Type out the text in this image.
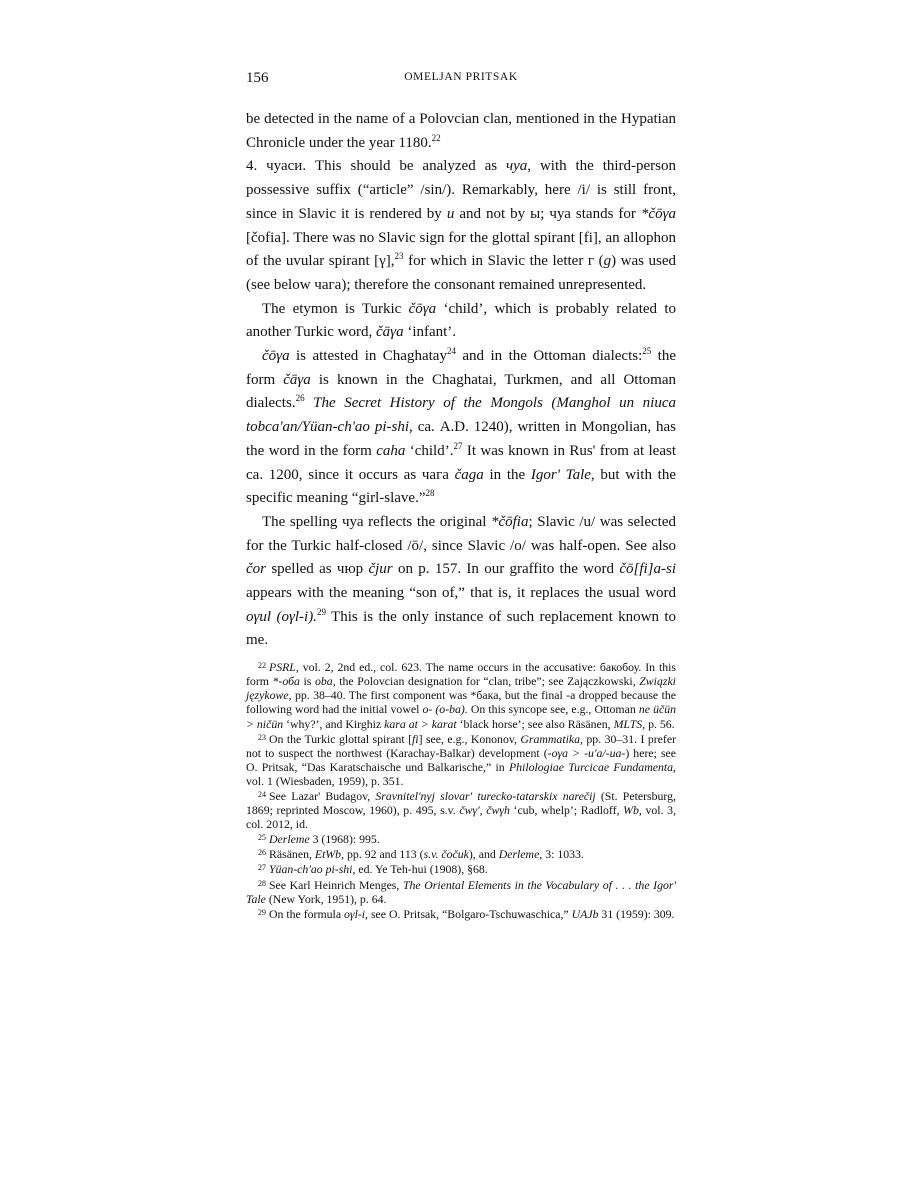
156	OMELJAN PRITSAK

be detected in the name of a Polovcian clan, mentioned in the Hypatian Chronicle under the year 1180.22

4. чуаси. This should be analyzed as чуа, with the third-person possessive suffix (“article” /sin/). Remarkably, here /i/ is still front, since in Slavic it is rendered by u and not by ы; чуа stands for *čōγa [čofia]. There was no Slavic sign for the glottal spirant [fi], an allophon of the uvular spirant [γ],$^{23}$ for which in Slavic the letter г (g) was used (see below чага); therefore the consonant remained unrepresented.

The etymon is Turkic čōγa ‘child’, which is probably related to another Turkic word, čāγa ‘infant’.

čōγa is attested in Chaghatay$^{24}$ and in the Ottoman dialects:$^{25}$ the form čāγa is known in the Chaghatai, Turkmen, and all Ottoman dialects.$^{26}$ The Secret History of the Mongols (Manghol un niuca tobca'an/Yüan-ch'ao pi-shi, ca. A.D. 1240), written in Mongolian, has the word in the form caha ‘child’.$^{27}$ It was known in Rus' from at least ca. 1200, since it occurs as чага čaga in the Igor' Tale, but with the specific meaning “girl-slave.”$^{28}$

The spelling чуа reflects the original *čōfia; Slavic /u/ was selected for the Turkic half-closed /ō/, since Slavic /o/ was half-open. See also čor spelled as чюр čjur on p. 157. In our graffito the word čō[fi]a-si appears with the meaning “son of,” that is, it replaces the usual word oγul (oγl-i).$^{29}$ This is the only instance of such replacement known to me.

$^{22}$ PSRL, vol. 2, 2nd ed., col. 623. The name occurs in the accusative: бакобоу. In this form *-оба is oba, the Polovcian designation for “clan, tribe”; see Zajączkowski, Związki językowe, pp. 38–40. The first component was *бака, but the final -а dropped because the following word had the initial vowel o- (o-ba). On this syncope see, e.g., Ottoman ne üčün > ničün ‘why?’, and Kirghiz kara at > karat ‘black horse’; see also Räsänen, MLTS, p. 56.

$^{23}$ On the Turkic glottal spirant [fi] see, e.g., Kononov, Grammatika, pp. 30–31. I prefer not to suspect the northwest (Karachay-Balkar) development (-oγa > -u'a/-ua-) here; see O. Pritsak, “Das Karatschaische und Balkarische,” in Philologiae Turcicae Fundamenta, vol. 1 (Wiesbaden, 1959), p. 351.

$^{24}$ See Lazar' Budagov, Sravnitel'nyj slovar' turecko-tatarskix narečij (St. Petersburg, 1869; reprinted Moscow, 1960), p. 495, s.v. čwγ', čwγh ‘cub, whelp’; Radloff, Wb, vol. 3, col. 2012, id.

$^{25}$ Derleme 3 (1968): 995.

$^{26}$ Räsänen, EtWb, pp. 92 and 113 (s.v. čočuk), and Derleme, 3: 1033.

$^{27}$ Yüan-ch'ao pi-shi, ed. Ye Teh-hui (1908), §68.

$^{28}$ See Karl Heinrich Menges, The Oriental Elements in the Vocabulary of . . . the Igor' Tale (New York, 1951), p. 64.

$^{29}$ On the formula oγl-i, see O. Pritsak, “Bolgaro-Tschuwaschica,” UAJb 31 (1959): 309.
